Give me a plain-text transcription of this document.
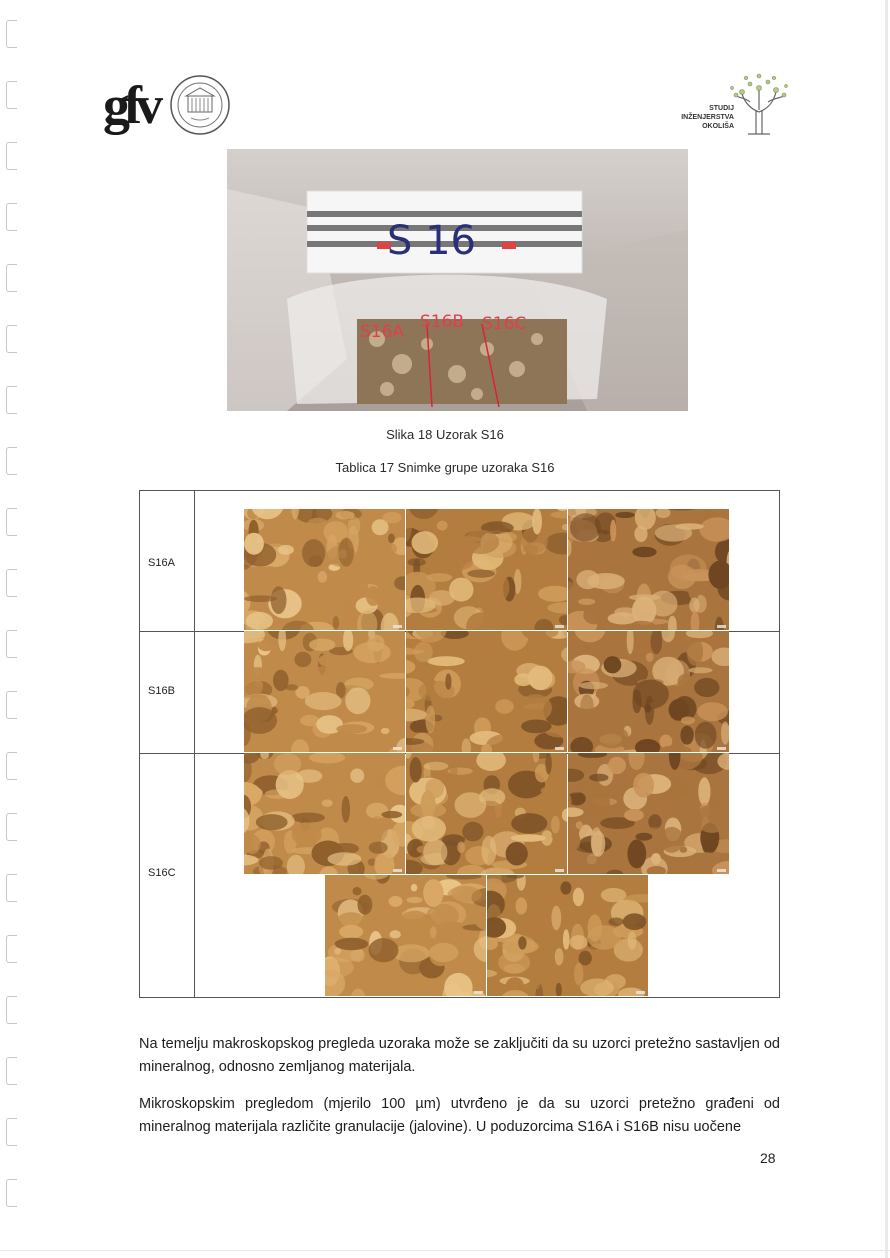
gfv	STUDIJ
INŽENJERSTVA
OKOLIŠA
S 16
S16A S16B S16C
Slika 18 Uzorak S16
Tablica 17 Snimke grupe uzoraka S16
S16A
S16B
S16C
Na temelju makroskopskog pregleda uzoraka može se zaključiti da su uzorci pretežno sastavljen od mineralnog, odnosno zemljanog materijala.
Mikroskopskim pregledom (mjerilo 100 µm) utvrđeno je da su uzorci pretežno građeni od mineralnog materijala različite granulacije (jalovine). U poduzorcima S16A i S16B nisu uočene
28
